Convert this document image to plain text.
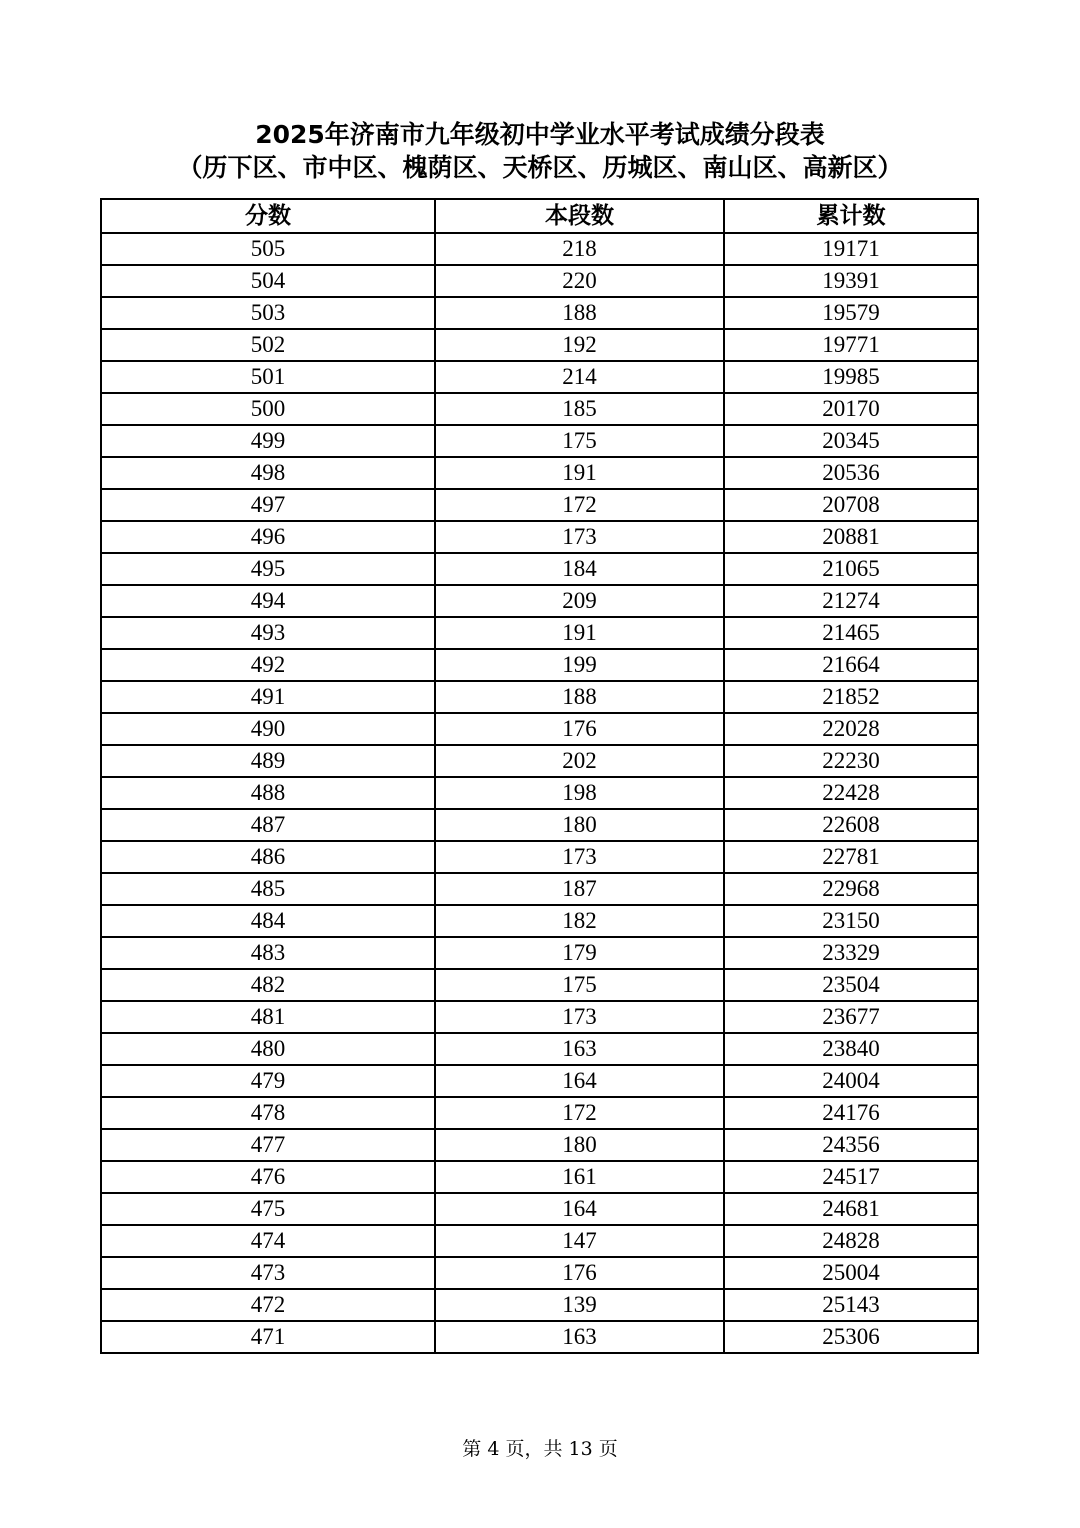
2025年济南市九年级初中学业水平考试成绩分段表
（历下区、市中区、槐荫区、天桥区、历城区、南山区、高新区）
分数	本段数	累计数
505	218	19171
504	220	19391
503	188	19579
502	192	19771
501	214	19985
500	185	20170
499	175	20345
498	191	20536
497	172	20708
496	173	20881
495	184	21065
494	209	21274
493	191	21465
492	199	21664
491	188	21852
490	176	22028
489	202	22230
488	198	22428
487	180	22608
486	173	22781
485	187	22968
484	182	23150
483	179	23329
482	175	23504
481	173	23677
480	163	23840
479	164	24004
478	172	24176
477	180	24356
476	161	24517
475	164	24681
474	147	24828
473	176	25004
472	139	25143
471	163	25306
第 4 页，共 13 页
